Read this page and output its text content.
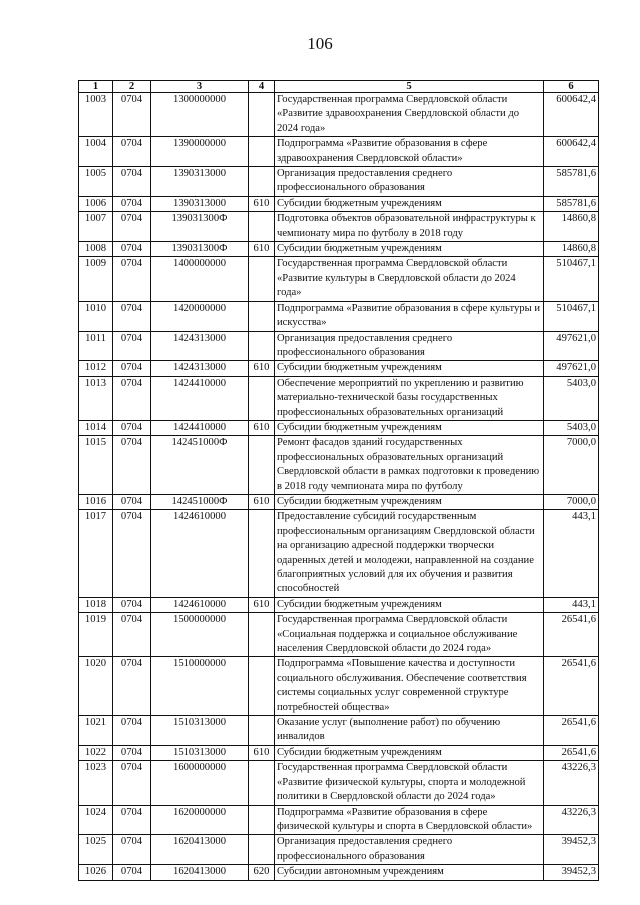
106
1	2	3	4	5	6
1003	0704	1300000000		Государственная программа Свердловской области «Развитие здравоохранения Свердловской области до 2024 года»	600642,4
1004	0704	1390000000		Подпрограмма «Развитие образования в сфере здравоохранения Свердловской области»	600642,4
1005	0704	1390313000		Организация предоставления среднего профессионального образования	585781,6
1006	0704	1390313000	610	Субсидии бюджетным учреждениям	585781,6
1007	0704	139031300Ф		Подготовка объектов образовательной инфраструктуры к чемпионату мира по футболу в 2018 году	14860,8
1008	0704	139031300Ф	610	Субсидии бюджетным учреждениям	14860,8
1009	0704	1400000000		Государственная программа Свердловской области «Развитие культуры в Свердловской области до 2024 года»	510467,1
1010	0704	1420000000		Подпрограмма «Развитие образования в сфере культуры и искусства»	510467,1
1011	0704	1424313000		Организация предоставления среднего профессионального образования	497621,0
1012	0704	1424313000	610	Субсидии бюджетным учреждениям	497621,0
1013	0704	1424410000		Обеспечение мероприятий по укреплению и развитию материально-технической базы государственных профессиональных образовательных организаций	5403,0
1014	0704	1424410000	610	Субсидии бюджетным учреждениям	5403,0
1015	0704	142451000Ф		Ремонт фасадов зданий государственных профессиональных образовательных организаций Свердловской области в рамках подготовки к проведению в 2018 году чемпионата мира по футболу	7000,0
1016	0704	142451000Ф	610	Субсидии бюджетным учреждениям	7000,0
1017	0704	1424610000		Предоставление субсидий государственным профессиональным организациям Свердловской области на организацию адресной поддержки творчески одаренных детей и молодежи, направленной на создание благоприятных условий для их обучения и развития способностей	443,1
1018	0704	1424610000	610	Субсидии бюджетным учреждениям	443,1
1019	0704	1500000000		Государственная программа Свердловской области «Социальная поддержка и социальное обслуживание населения Свердловской области до 2024 года»	26541,6
1020	0704	1510000000		Подпрограмма «Повышение качества и доступности социального обслуживания. Обеспечение соответствия системы социальных услуг современной структуре потребностей общества»	26541,6
1021	0704	1510313000		Оказание услуг (выполнение работ) по обучению инвалидов	26541,6
1022	0704	1510313000	610	Субсидии бюджетным учреждениям	26541,6
1023	0704	1600000000		Государственная программа Свердловской области «Развитие физической культуры, спорта и молодежной политики в Свердловской области до 2024 года»	43226,3
1024	0704	1620000000		Подпрограмма «Развитие образования в сфере физической культуры и спорта в Свердловской области»	43226,3
1025	0704	1620413000		Организация предоставления среднего профессионального образования	39452,3
1026	0704	1620413000	620	Субсидии автономным учреждениям	39452,3
